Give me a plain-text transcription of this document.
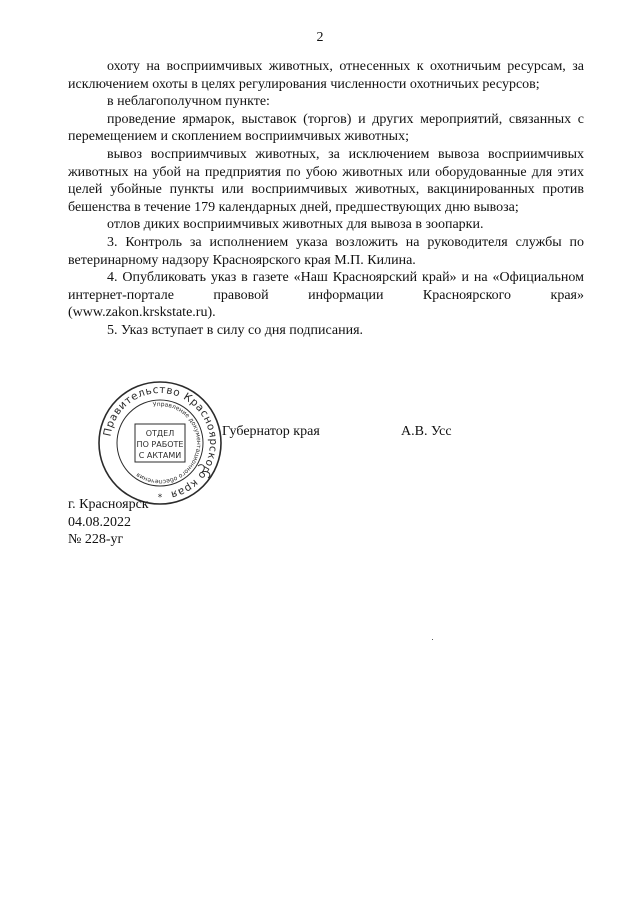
2

охоту на восприимчивых животных, отнесенных к охотничьим ресурсам, за исключением охоты в целях регулирования численности охотничьих ресурсов;

в неблагополучном пункте:

проведение ярмарок, выставок (торгов) и других мероприятий, связанных с перемещением и скоплением восприимчивых животных;

вывоз восприимчивых животных, за исключением вывоза восприимчивых животных на убой на предприятия по убою животных или оборудованные для этих целей убойные пункты или восприимчивых животных, вакцинированных против бешенства в течение 179 календарных дней, предшествующих дню вывоза;

отлов диких восприимчивых животных для вывоза в зоопарки.

3. Контроль за исполнением указа возложить на руководителя службы по ветеринарному надзору Красноярского края М.П. Килина.

4. Опубликовать указ в газете «Наш Красноярский край» и на «Официальном интернет-портале правовой информации Красноярского края» (www.zakon.krskstate.ru).

5. Указ вступает в силу со дня подписания.

Губернатор края	А.В. Усс
Правительство Красноярского края
Управление документационного обеспечения
ОТДЕЛ
ПО РАБОТЕ
С АКТАМИ
*
г. Красноярск
04.08.2022
№ 228-уг
